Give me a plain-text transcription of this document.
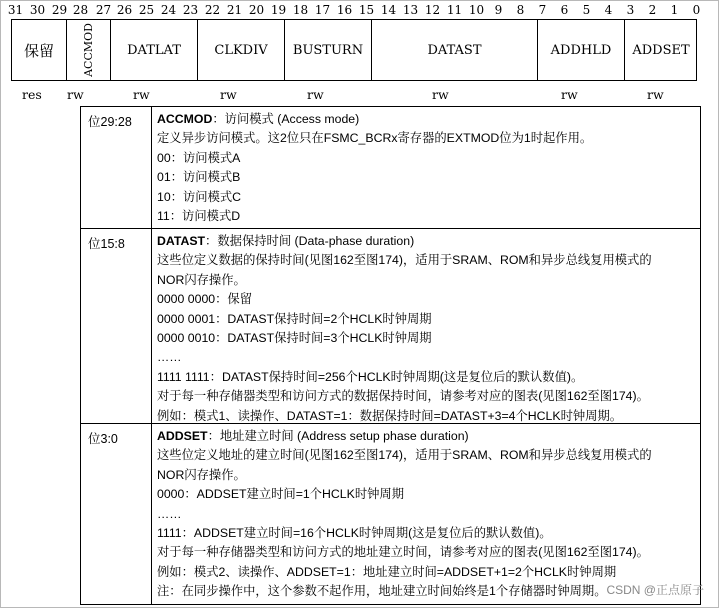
31 30 29 28 27 26 25 24 23 22 21 20 19 18 17 16 15 14 13 12 11 10 9	8	7	6	5	4	3	2	1	0
保留	ACCMOD	DATLAT	CLKDIV	BUSTURN	DATAST	ADDHLD	ADDSET
res rw	rw	rw	rw	rw	rw	rw
位29:28 ACCMOD：访问模式 (Access mode)
定义异步访问模式。这2位只在FSMC_BCRx寄存器的EXTMOD位为1时起作用。
00：访问模式A
01：访问模式B
10：访问模式C
11：访问模式D
位15:8	DATAST：数据保持时间 (Data-phase duration)
这些位定义数据的保持时间(见图162至图174)，适用于SRAM、ROM和异步总线复用模式的
NOR闪存操作。
0000 0000：保留
0000 0001：DATAST保持时间=2个HCLK时钟周期
0000 0010：DATAST保持时间=3个HCLK时钟周期
……
1111 1111：DATAST保持时间=256个HCLK时钟周期(这是复位后的默认数值)。
对于每一种存储器类型和访问方式的数据保持时间，请参考对应的图表(见图162至图174)。
例如：模式1、读操作、DATAST=1：数据保持时间=DATAST+3=4个HCLK时钟周期。
位3:0	ADDSET：地址建立时间 (Address setup phase duration)
这些位定义地址的建立时间(见图162至图174)，适用于SRAM、ROM和异步总线复用模式的
NOR闪存操作。
0000：ADDSET建立时间=1个HCLK时钟周期
……
1111：ADDSET建立时间=16个HCLK时钟周期(这是复位后的默认数值)。
对于每一种存储器类型和访问方式的地址建立时间，请参考对应的图表(见图162至图174)。
例如：模式2、读操作、ADDSET=1：地址建立时间=ADDSET+1=2个HCLK时钟周期
注：在同步操作中，这个参数不起作用，地址建立时间始终是1个存储器时钟周期。 CSDN @正点原子
